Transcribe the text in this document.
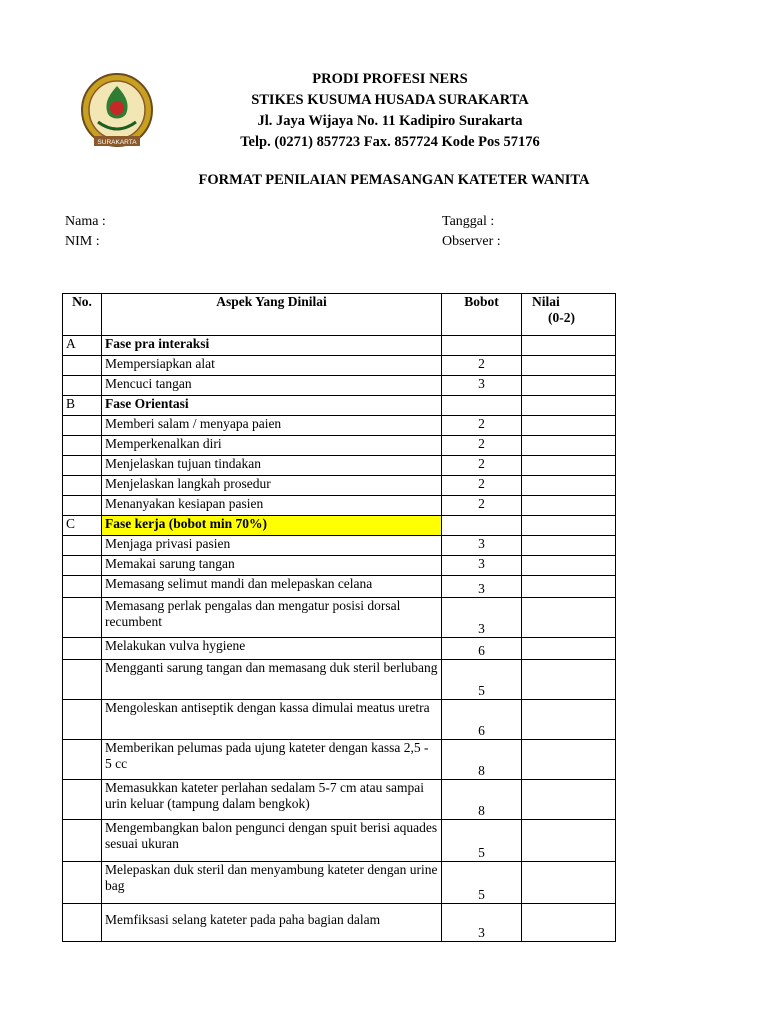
SURAKARTA
PRODI PROFESI NERS
STIKES KUSUMA HUSADA SURAKARTA
Jl. Jaya Wijaya No. 11 Kadipiro Surakarta
Telp. (0271) 857723 Fax. 857724 Kode Pos 57176
FORMAT PENILAIAN PEMASANGAN KATETER WANITA
Nama :
NIM :
Tanggal :
Observer :
No.	Aspek Yang Dinilai	Bobot	Nilai
(0-2)

A	Fase pra interaksi		
	Mempersiapkan alat	2	
	Mencuci tangan	3	
B	Fase Orientasi		
	Memberi salam / menyapa paien	2	
	Memperkenalkan diri	2	
	Menjelaskan tujuan tindakan	2	
	Menjelaskan langkah prosedur	2	
	Menanyakan kesiapan pasien	2	
C	Fase kerja (bobot min 70%)		
	Menjaga privasi pasien	3	
	Memakai sarung tangan	3	
	Memasang selimut mandi dan melepaskan celana	3	
	Memasang perlak pengalas dan mengatur posisi dorsal recumbent	3	
	Melakukan vulva hygiene	6	
	Mengganti sarung tangan dan memasang duk steril berlubang	5	
	Mengoleskan antiseptik dengan kassa dimulai meatus uretra	6	
	Memberikan pelumas pada ujung kateter dengan kassa 2,5 - 5 cc	8	
	Memasukkan kateter perlahan sedalam 5-7 cm atau sampai urin keluar (tampung dalam bengkok)	8	
	Mengembangkan balon pengunci dengan spuit berisi aquades sesuai ukuran	5	
	Melepaskan duk steril dan menyambung kateter dengan urine bag	5	
	Memfiksasi selang kateter pada paha bagian dalam	3	
